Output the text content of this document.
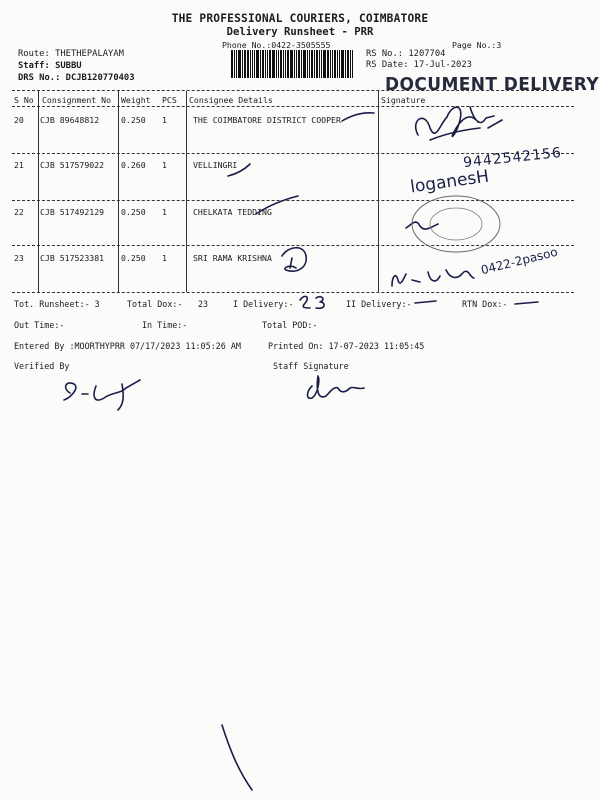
THE PROFESSIONAL COURIERS, COIMBATORE
Delivery Runsheet - PRR
Phone No.:0422-3505555	Page No.:3
Route: THETHEPALAYAM
Staff: SUBBU
DRS No.: DCJB120770403
RS No.: 1207704
RS Date: 17-Jul-2023
DOCUMENT DELIVERY
S No Consignment No Weight PCS Consignee Details	Signature
20 CJB 89648812	0.250 1	THE COIMBATORE DISTRICT COOPER
21 CJB 517579022 0.260 1	VELLINGRI	9442542156
22 CJB 517492129 0.250 1	CHELKATA TEDDING
loganesH
23 CJB 517523381 0.250 1	SRI RAMA KRISHNA	0422-2pasoo
Tot. Runsheet:- 3	Total Dox:- 23	I Delivery:-	II Delivery:-	RTN Dox:-
Out Time:-	In Time:-	Total POD:-
Entered By :MOORTHYPRR 07/17/2023 11:05:26 AM	Printed On: 17-07-2023 11:05:45
Verified By	Staff Signature
